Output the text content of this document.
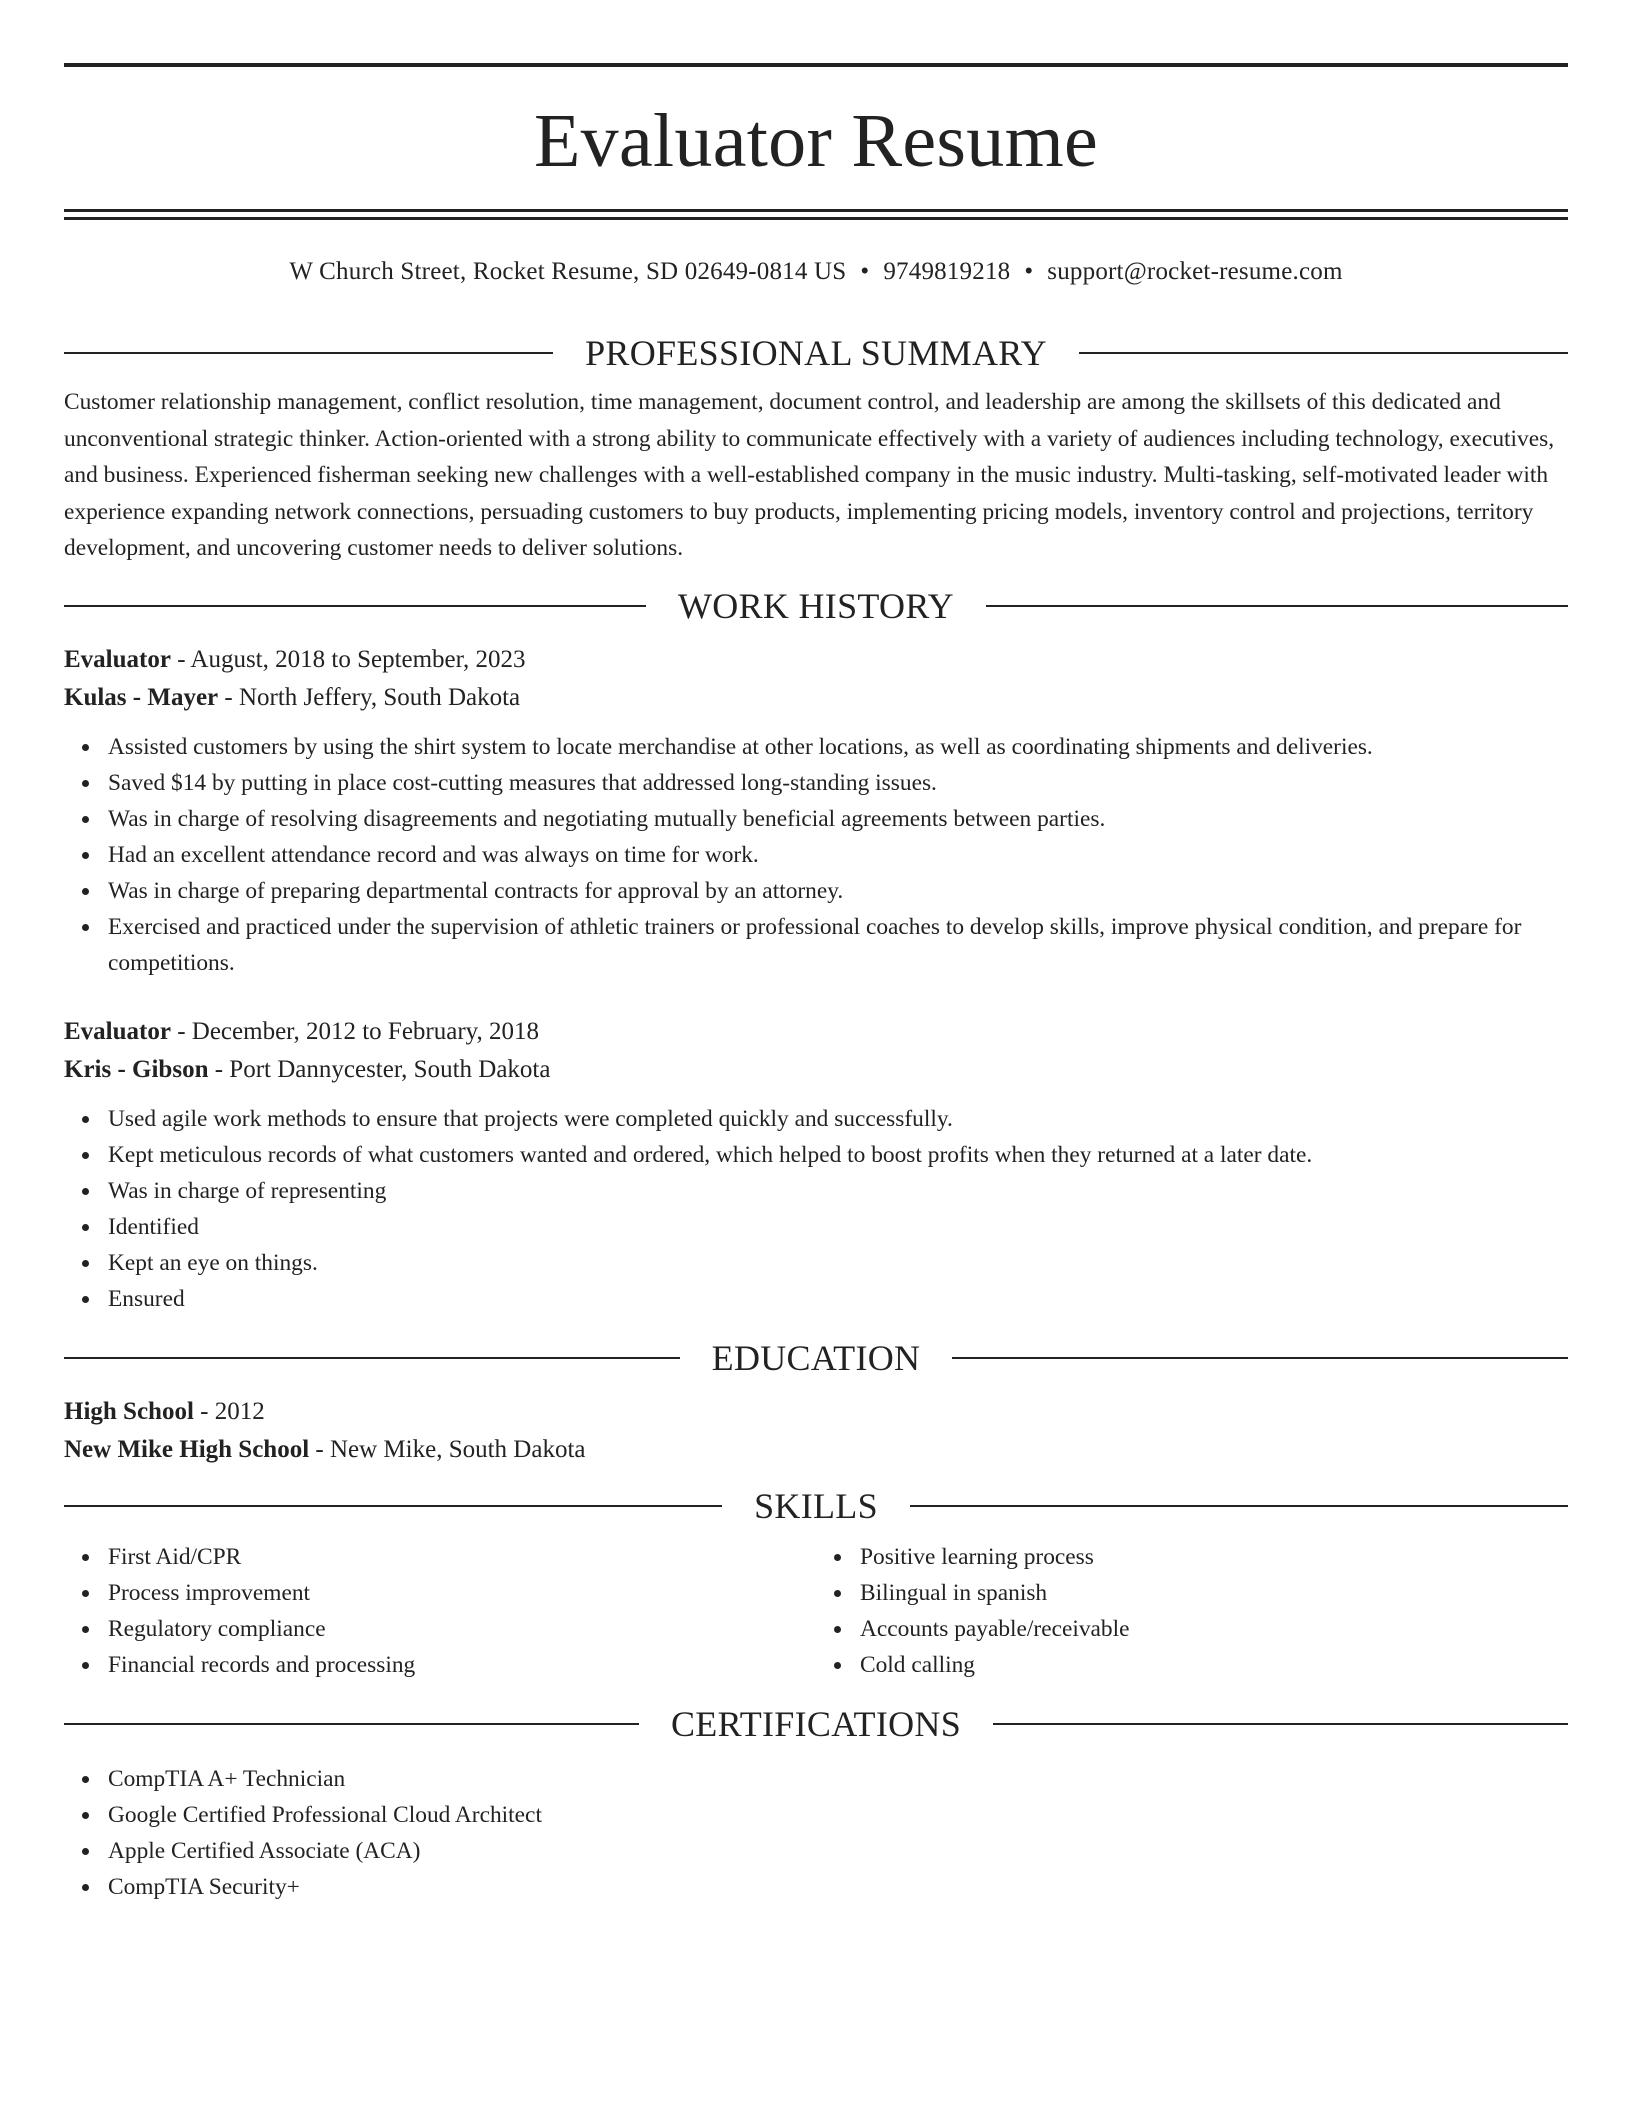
Evaluator Resume
W Church Street, Rocket Resume, SD 02649-0814 US • 9749819218 • support@rocket-resume.com
PROFESSIONAL SUMMARY

Customer relationship management, conflict resolution, time management, document control, and leadership are among the skillsets of this dedicated and unconventional strategic thinker. Action-oriented with a strong ability to communicate effectively with a variety of audiences including technology, executives, and business. Experienced fisherman seeking new challenges with a well-established company in the music industry. Multi-tasking, self-motivated leader with experience expanding network connections, persuading customers to buy products, implementing pricing models, inventory control and projections, territory development, and uncovering customer needs to deliver solutions.

WORK HISTORY
Evaluator - August, 2018 to September, 2023
Kulas - Mayer - North Jeffery, South Dakota
Assisted customers by using the shirt system to locate merchandise at other locations, as well as coordinating shipments and deliveries.
Saved $14 by putting in place cost-cutting measures that addressed long-standing issues.
Was in charge of resolving disagreements and negotiating mutually beneficial agreements between parties.
Had an excellent attendance record and was always on time for work.
Was in charge of preparing departmental contracts for approval by an attorney.
Exercised and practiced under the supervision of athletic trainers or professional coaches to develop skills, improve physical condition, and prepare for competitions.
Evaluator - December, 2012 to February, 2018
Kris - Gibson - Port Dannycester, South Dakota
Used agile work methods to ensure that projects were completed quickly and successfully.
Kept meticulous records of what customers wanted and ordered, which helped to boost profits when they returned at a later date.
Was in charge of representing
Identified
Kept an eye on things.
Ensured
EDUCATION
High School - 2012
New Mike High School - New Mike, South Dakota
SKILLS
First Aid/CPR
Process improvement
Regulatory compliance
Financial records and processing
Positive learning process
Bilingual in spanish
Accounts payable/receivable
Cold calling
CERTIFICATIONS
CompTIA A+ Technician
Google Certified Professional Cloud Architect
Apple Certified Associate (ACA)
CompTIA Security+
